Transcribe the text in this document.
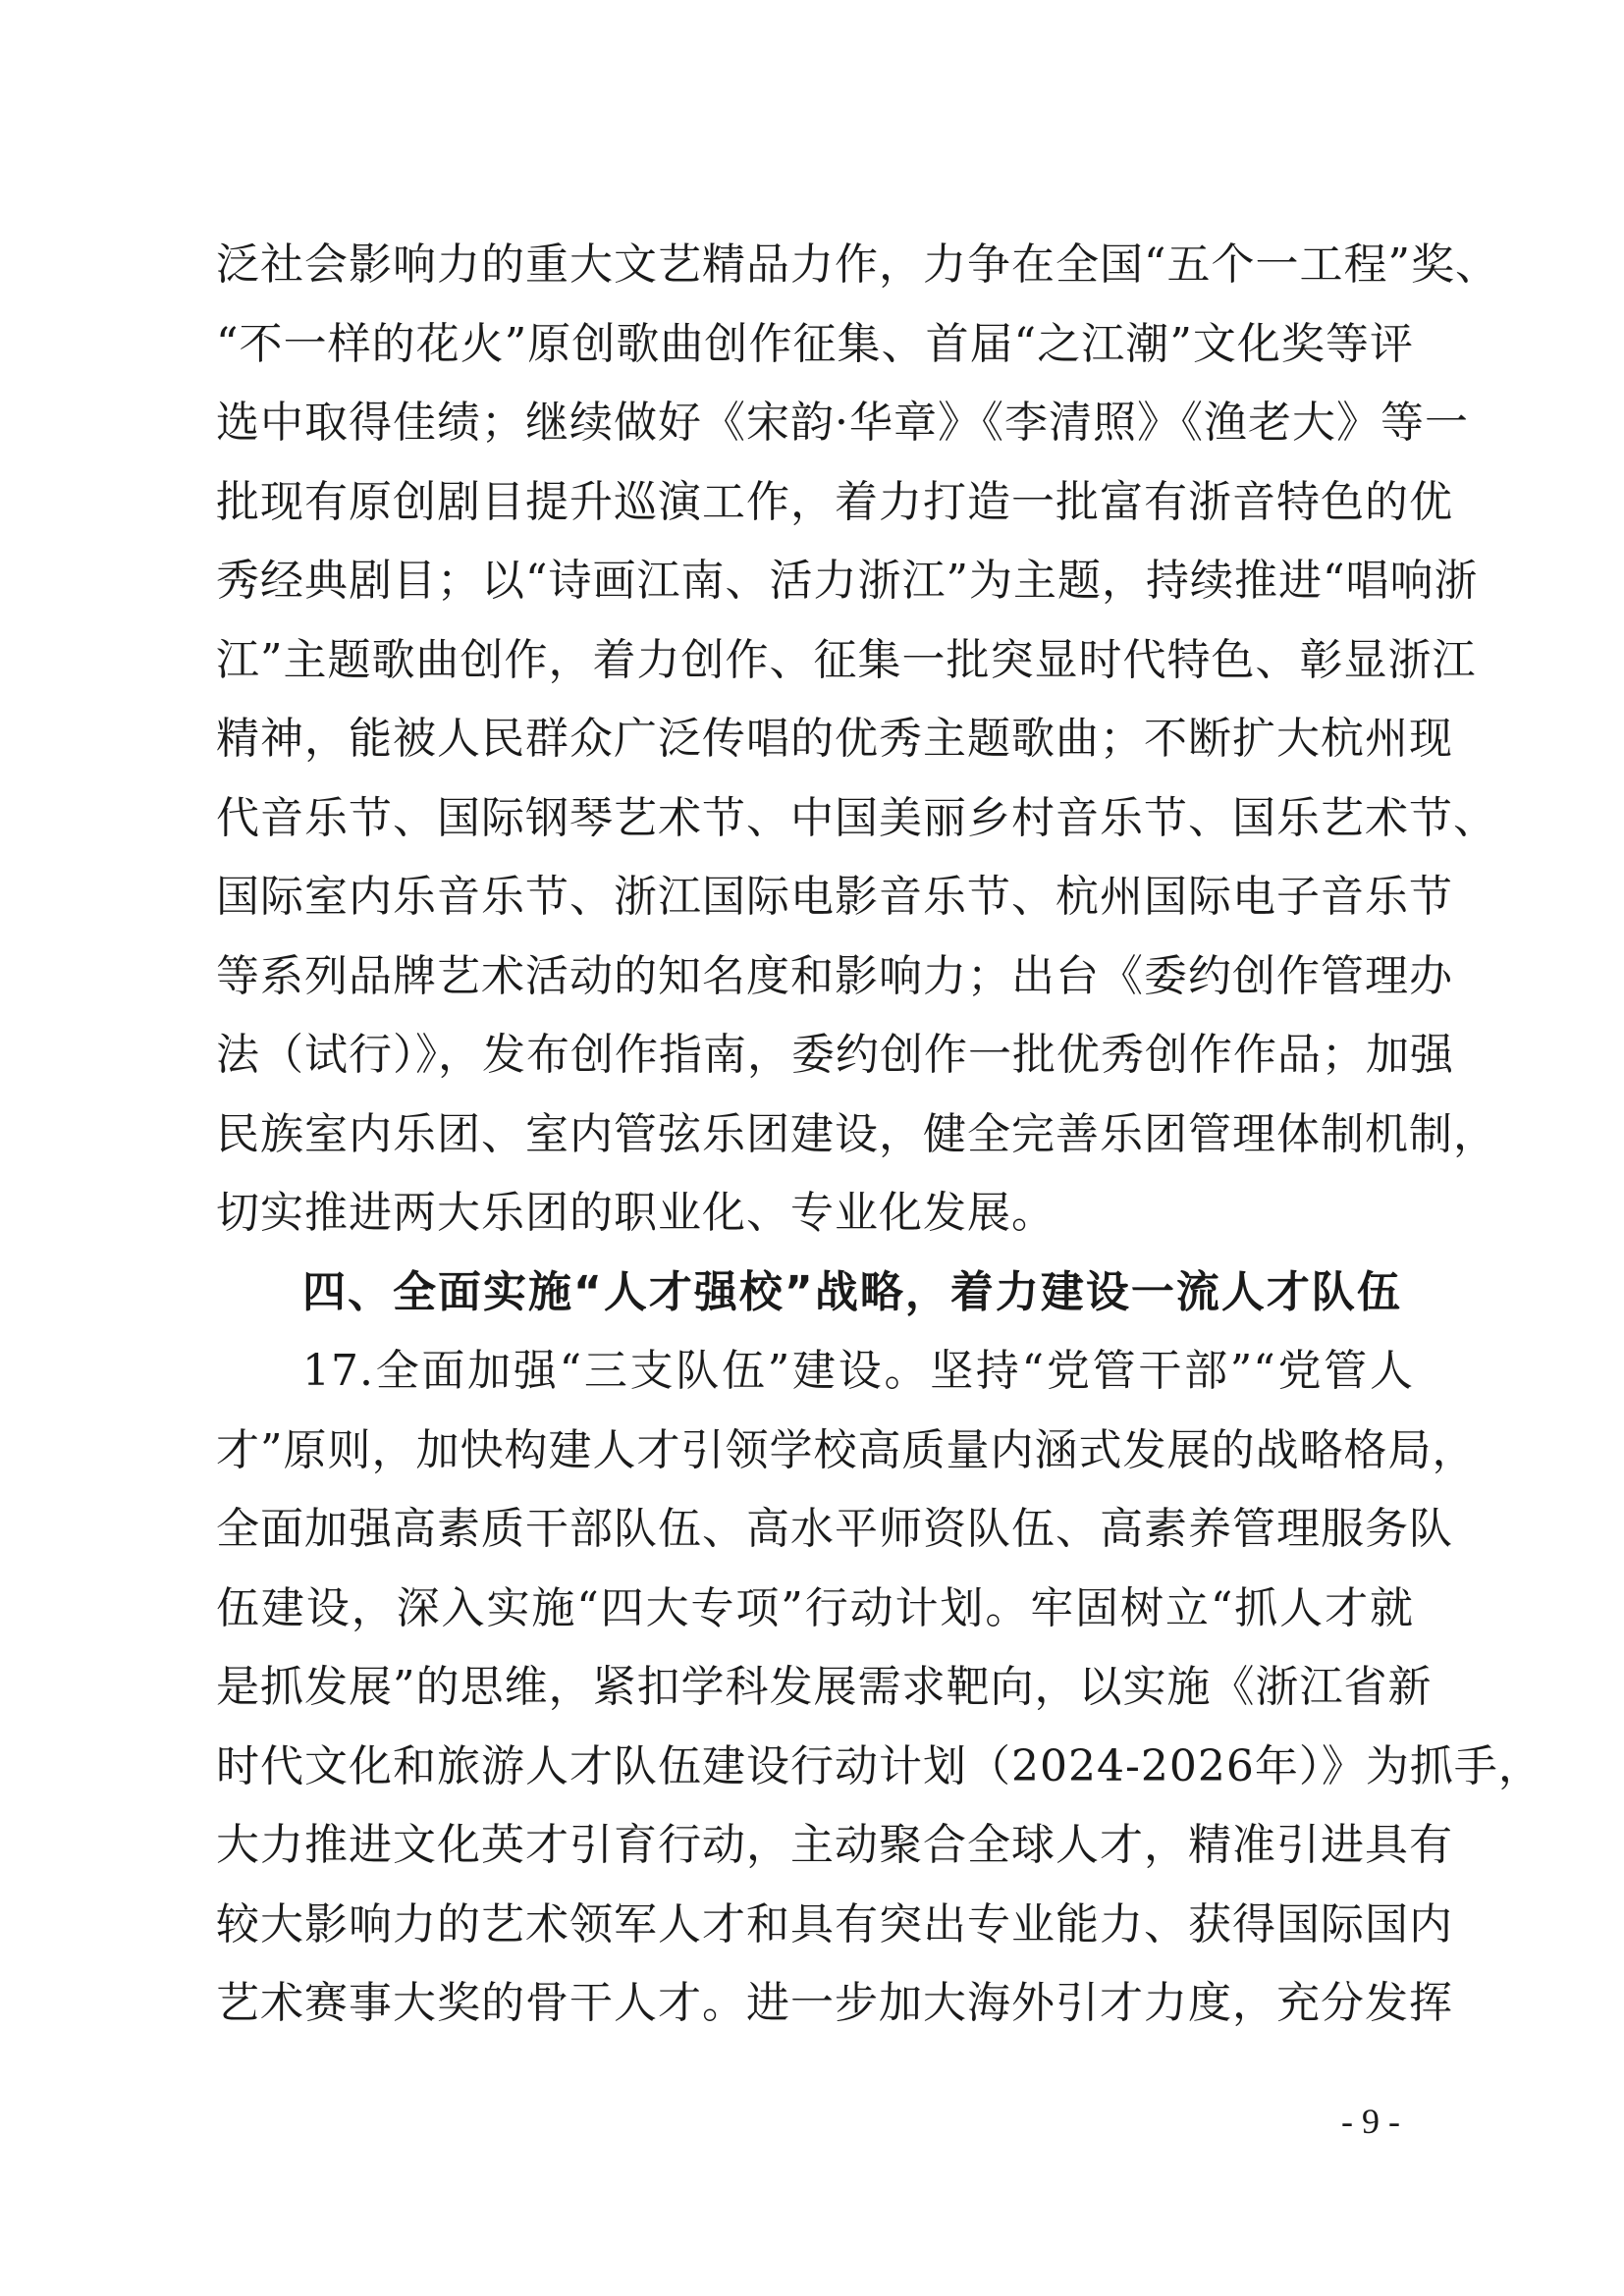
泛社会影响力的重大文艺精品力作，力争在全国“五个一工程”奖、
“不一样的花火”原创歌曲创作征集、首届“之江潮”文化奖等评
选中取得佳绩；继续做好《宋韵·华章》《李清照》《渔老大》等一
批现有原创剧目提升巡演工作，着力打造一批富有浙音特色的优
秀经典剧目；以“诗画江南、活力浙江”为主题，持续推进“唱响浙
江”主题歌曲创作，着力创作、征集一批突显时代特色、彰显浙江
精神，能被人民群众广泛传唱的优秀主题歌曲；不断扩大杭州现
代音乐节、国际钢琴艺术节、中国美丽乡村音乐节、国乐艺术节、
国际室内乐音乐节、浙江国际电影音乐节、杭州国际电子音乐节
等系列品牌艺术活动的知名度和影响力；出台《委约创作管理办
法（试行）》，发布创作指南，委约创作一批优秀创作作品；加强
民族室内乐团、室内管弦乐团建设，健全完善乐团管理体制机制，
切实推进两大乐团的职业化、专业化发展。
四、全面实施“人才强校”战略，着力建设一流人才队伍
17.全面加强“三支队伍”建设。坚持“党管干部”“党管人
才”原则，加快构建人才引领学校高质量内涵式发展的战略格局，
全面加强高素质干部队伍、高水平师资队伍、高素养管理服务队
伍建设，深入实施“四大专项”行动计划。牢固树立“抓人才就
是抓发展”的思维，紧扣学科发展需求靶向，以实施《浙江省新
时代文化和旅游人才队伍建设行动计划（2024-2026年）》为抓手，
大力推进文化英才引育行动，主动聚合全球人才，精准引进具有
较大影响力的艺术领军人才和具有突出专业能力、获得国际国内
艺术赛事大奖的骨干人才。进一步加大海外引才力度，充分发挥
- 9 -
